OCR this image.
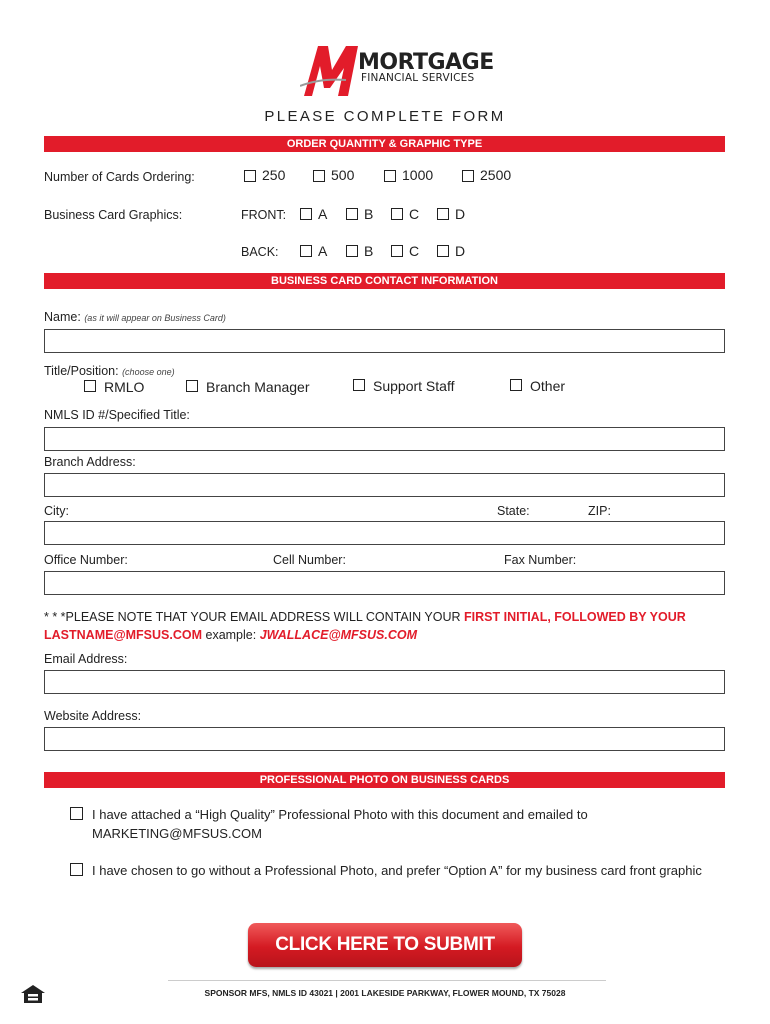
MORTGAGE
FINANCIAL SERVICES
PLEASE COMPLETE FORM
ORDER QUANTITY & GRAPHIC TYPE
Number of Cards Ordering:	250	500	1000	2500
Business Card Graphics:	FRONT: A	B	C	D
BACK:	A	B	C	D
BUSINESS CARD CONTACT INFORMATION
Name: (as it will appear on Business Card)
Title/Position: (choose one)
RMLO	Branch Manager	Support Staff	Other
NMLS ID #/Specified Title:
Branch Address:
City:	State:	ZIP:
Office Number:	Cell Number:	Fax Number:
* * *PLEASE NOTE THAT YOUR EMAIL ADDRESS WILL CONTAIN YOUR FIRST INITIAL, FOLLOWED BY YOUR LASTNAME@MFSUS.COM example: JWALLACE@MFSUS.COM
Email Address:
Website Address:
PROFESSIONAL PHOTO ON BUSINESS CARDS
I have attached a “High Quality” Professional Photo with this document and emailed to MARKETING@MFSUS.COM
I have chosen to go without a Professional Photo, and prefer “Option A” for my business card front graphic
CLICK HERE TO SUBMIT
SPONSOR MFS, NMLS ID 43021 | 2001 LAKESIDE PARKWAY, FLOWER MOUND, TX 75028
